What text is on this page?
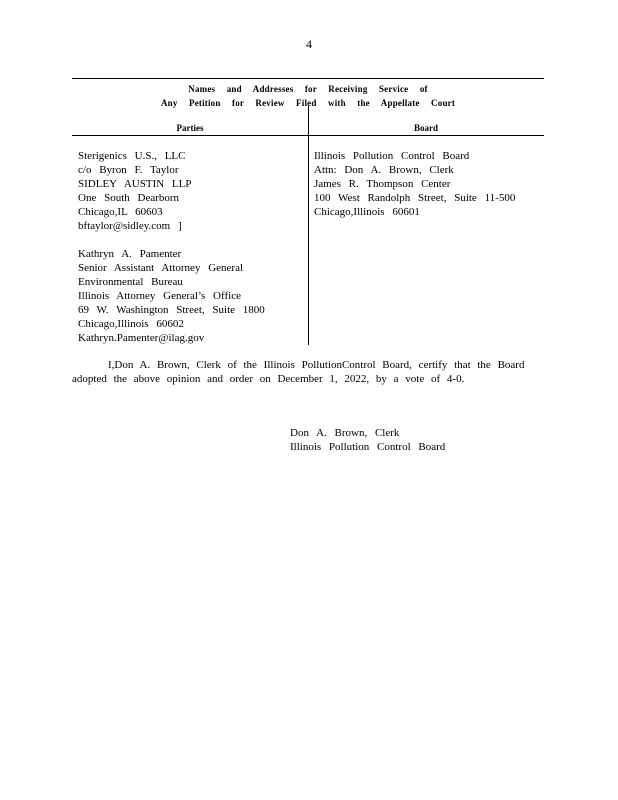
4
Names and Addresses for Receiving Service of
Any Petition for Review Filed with the Appellate Court
Parties	Board
Sterigenics U.S., LLC
c/o Byron F. Taylor
SIDLEY AUSTIN LLP
One South Dearborn
Chicago,IL 60603
bftaylor@sidley.com ]
Kathryn A. Pamenter
Senior Assistant Attorney General
Environmental Bureau
Illinois Attorney General’s Office
69 W. Washington Street, Suite 1800
Chicago,Illinois 60602
Kathryn.Pamenter@ilag.gov
Illinois Pollution Control Board
Attn: Don A. Brown, Clerk
James R. Thompson Center
100 West Randolph Street, Suite 11-500
Chicago,Illinois 60601
I,Don A. Brown, Clerk of the Illinois PollutionControl Board, certify that the Board
adopted the above opinion and order on December 1, 2022, by a vote of 4-0.
Don A. Brown, Clerk
Illinois Pollution Control Board
